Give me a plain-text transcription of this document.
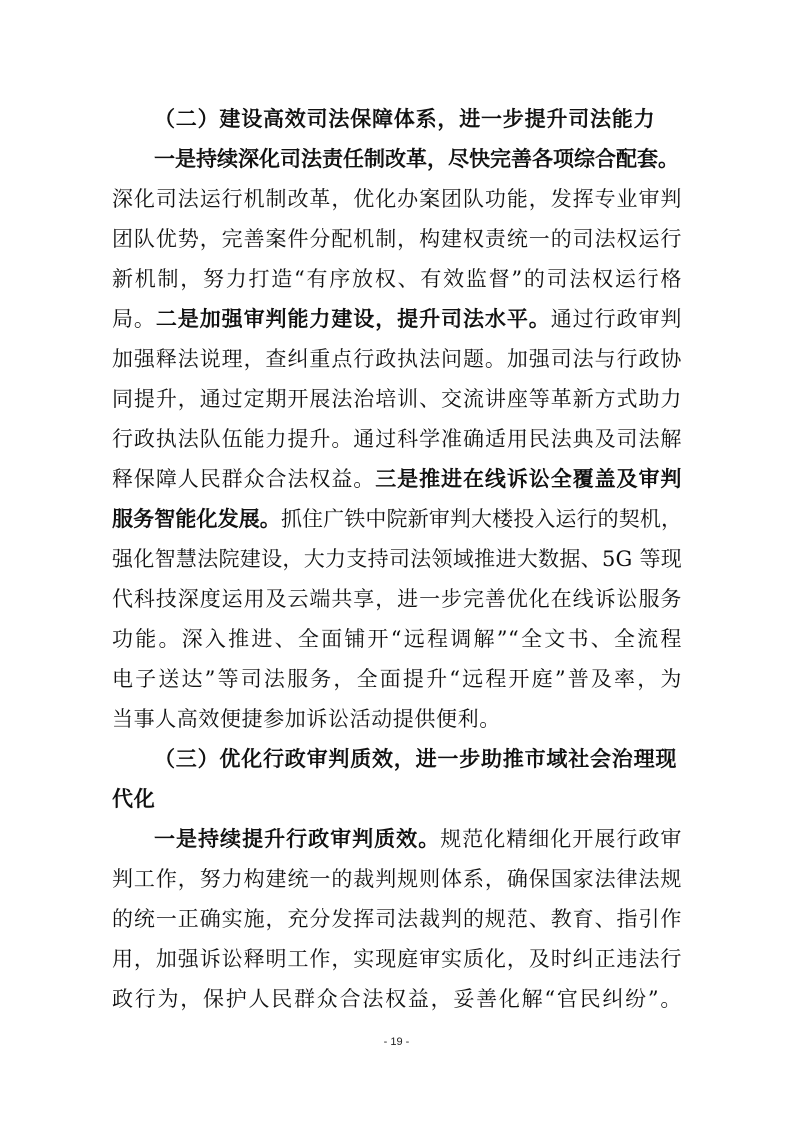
（二）建设高效司法保障体系，进一步提升司法能力
一是持续深化司法责任制改革，尽快完善各项综合配套。
深化司法运行机制改革，优化办案团队功能，发挥专业审判
团队优势，完善案件分配机制，构建权责统一的司法权运行
新机制，努力打造“有序放权、有效监督”的司法权运行格
局。二是加强审判能力建设，提升司法水平。通过行政审判
加强释法说理，查纠重点行政执法问题。加强司法与行政协
同提升，通过定期开展法治培训、交流讲座等革新方式助力
行政执法队伍能力提升。通过科学准确适用民法典及司法解
释保障人民群众合法权益。三是推进在线诉讼全覆盖及审判
服务智能化发展。抓住广铁中院新审判大楼投入运行的契机，
强化智慧法院建设，大力支持司法领域推进大数据、5G 等现
代科技深度运用及云端共享，进一步完善优化在线诉讼服务
功能。深入推进、全面铺开“远程调解”“全文书、全流程
电子送达”等司法服务，全面提升“远程开庭”普及率，为
当事人高效便捷参加诉讼活动提供便利。
（三）优化行政审判质效，进一步助推市域社会治理现
代化
一是持续提升行政审判质效。规范化精细化开展行政审
判工作，努力构建统一的裁判规则体系，确保国家法律法规
的统一正确实施，充分发挥司法裁判的规范、教育、指引作
用，加强诉讼释明工作，实现庭审实质化，及时纠正违法行
政行为，保护人民群众合法权益，妥善化解“官民纠纷”。
- 19 -
